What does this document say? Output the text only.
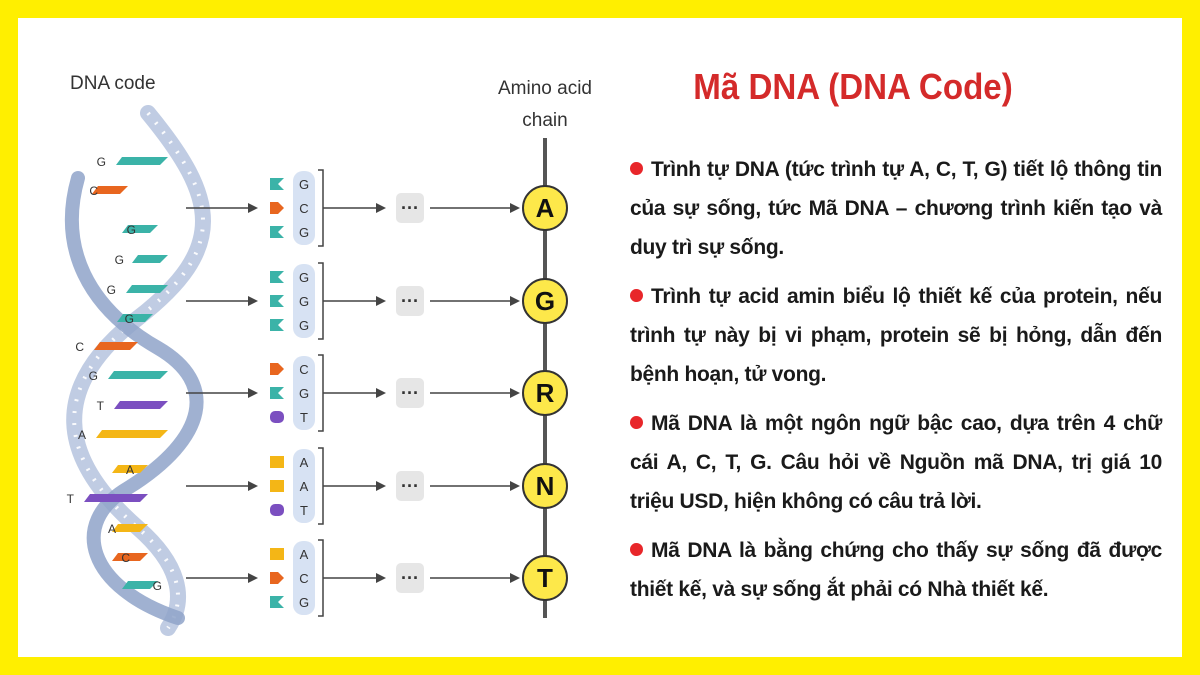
G
C
G
G
G
G
C
G
T
A
A
T
A
C
G
G
C
G
···
G
G
G
···
C
G
T
···
A
A
T
···
A
C
G
···
A
G
R
N
T
DNA code	Amino acid
chain
Mã DNA (DNA Code)
Trình tự DNA (tức trình tự A, C, T, G) tiết lộ thông tin của sự sống, tức Mã DNA – chương trình kiến tạo và duy trì sự sống.
Trình tự acid amin biểu lộ thiết kế của protein, nếu trình tự này bị vi phạm, protein sẽ bị hỏng, dẫn đến bệnh hoạn, tử vong.
Mã DNA là một ngôn ngữ bậc cao, dựa trên 4 chữ cái A, C, T, G. Câu hỏi về Nguồn mã DNA, trị giá 10 triệu USD, hiện không có câu trả lời.
Mã DNA là bằng chứng cho thấy sự sống đã được thiết kế, và sự sống ắt phải có Nhà thiết kế.
